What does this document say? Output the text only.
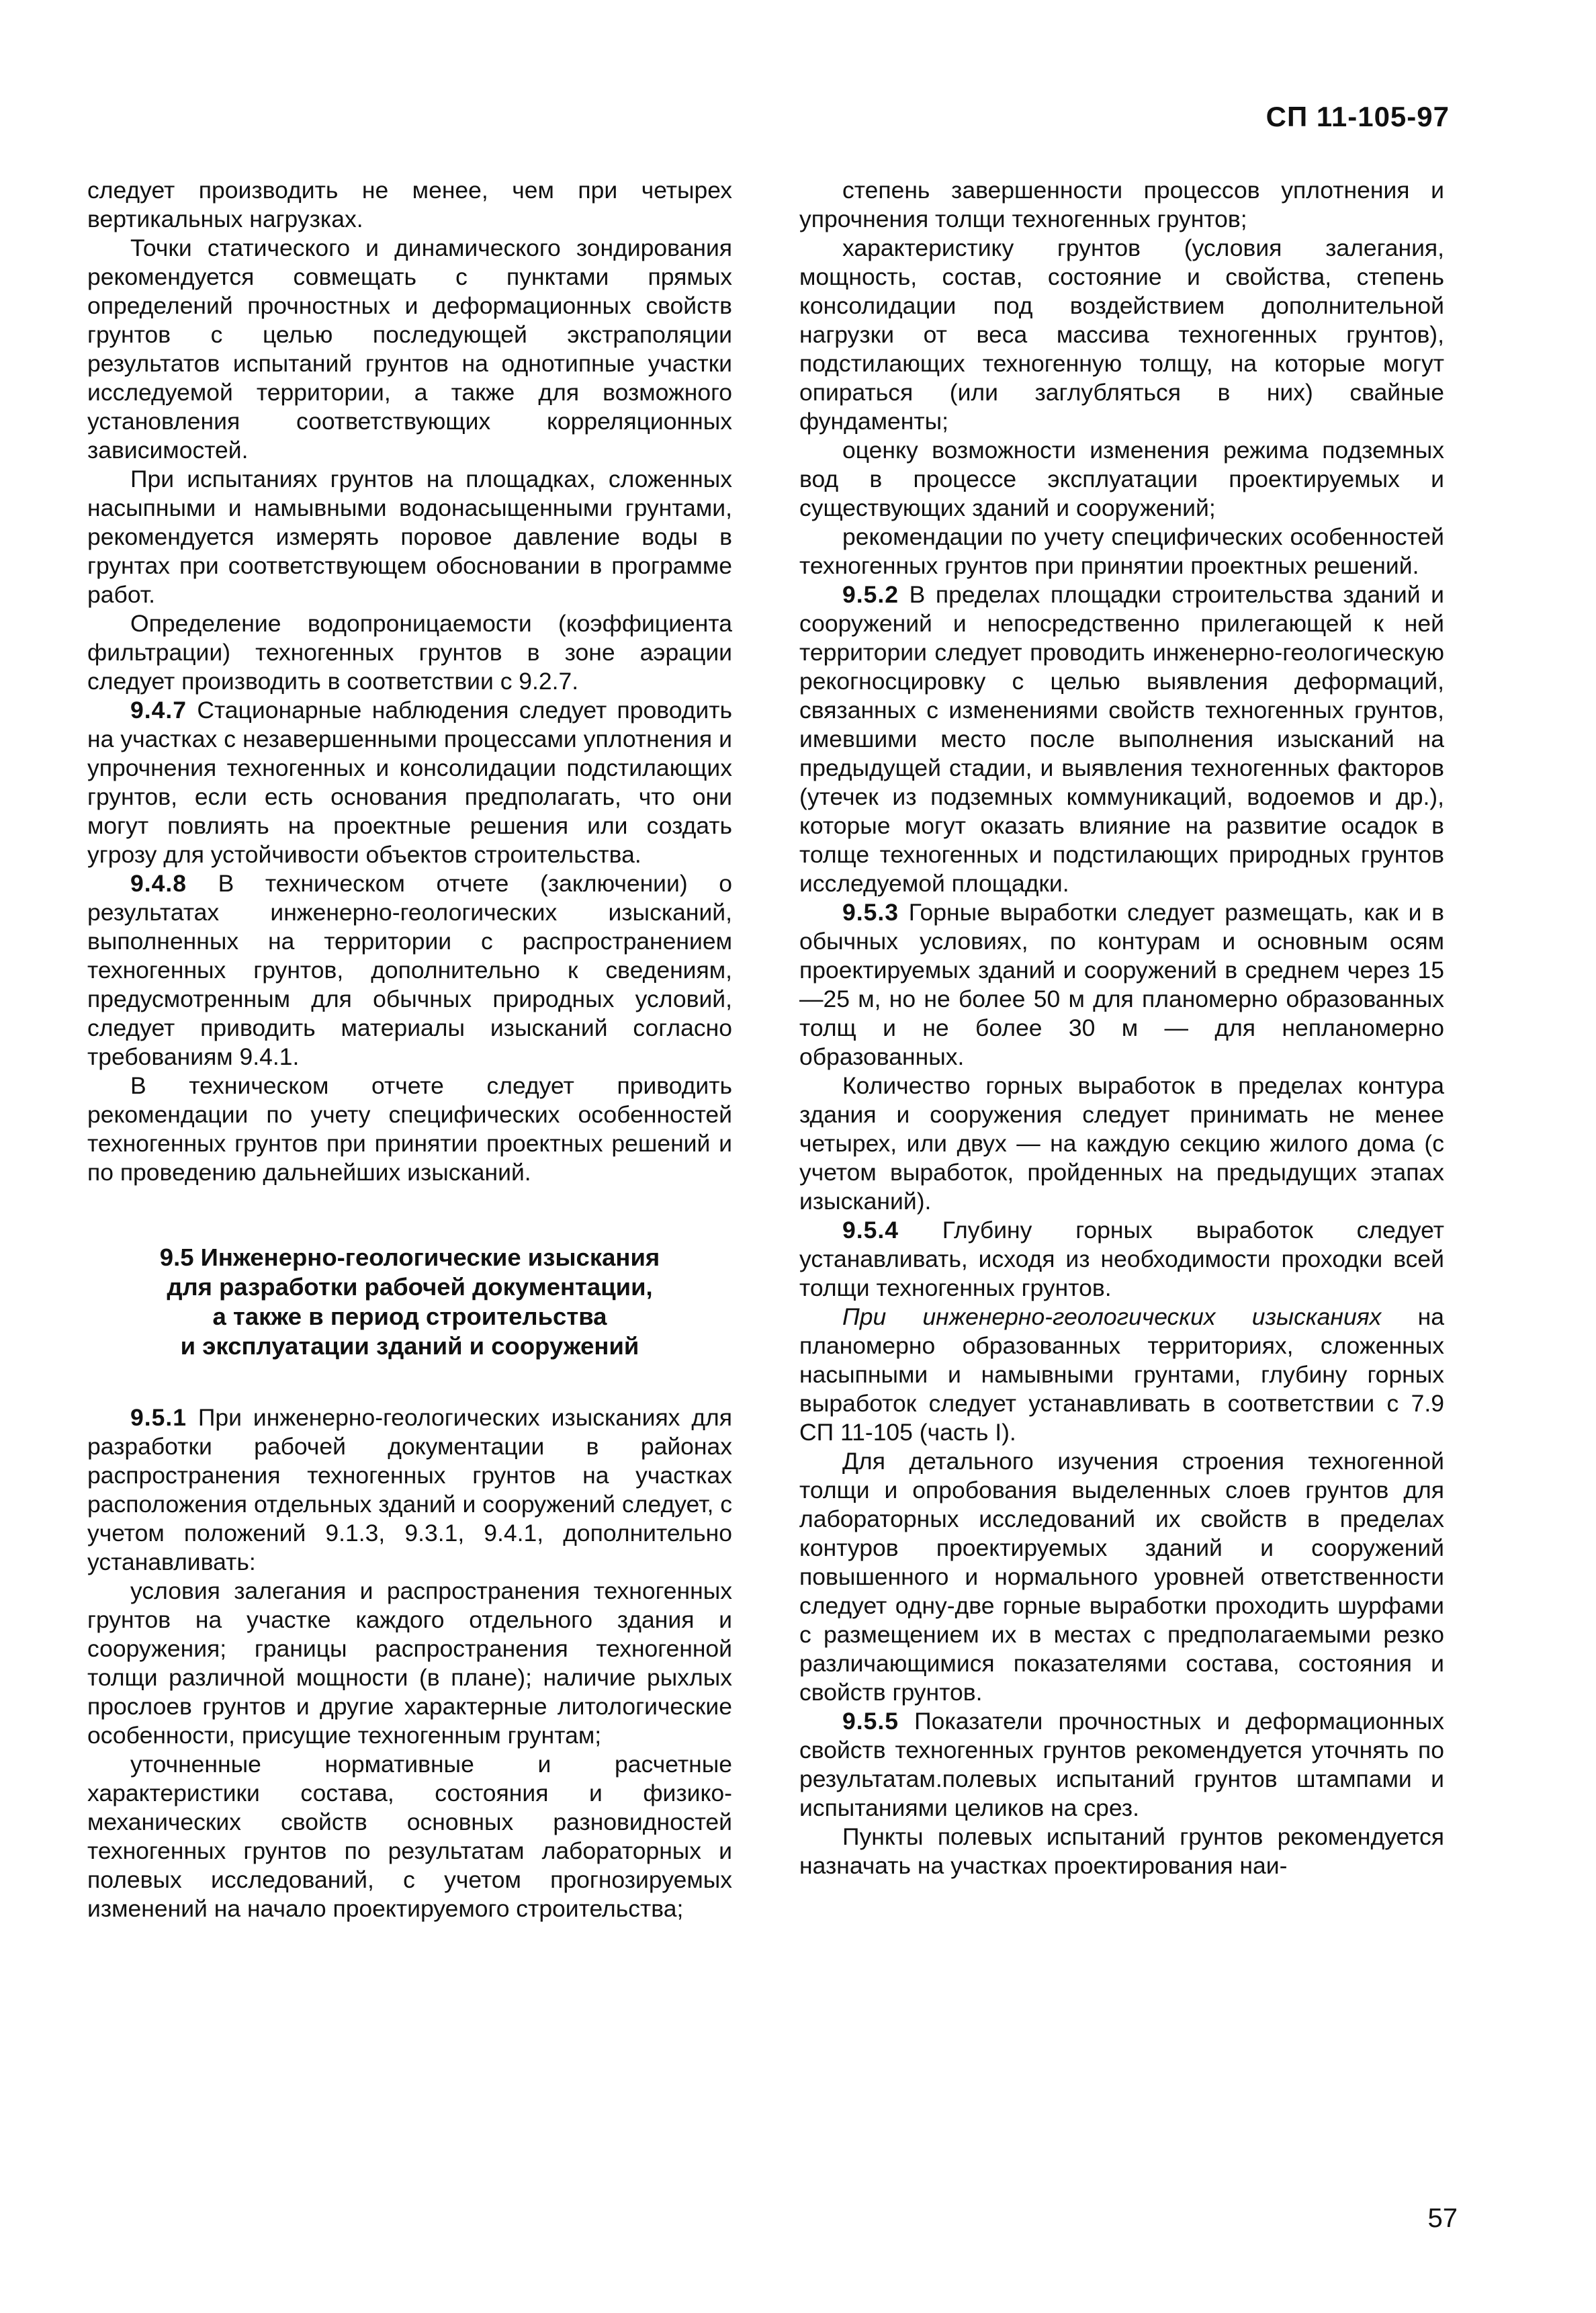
СП 11-105-97

следует производить не менее, чем при четырех вертикальных нагрузках.

Точки статического и динамического зондирования рекомендуется совмещать с пунктами прямых определений прочностных и деформационных свойств грунтов с целью последующей экстраполяции результатов испытаний грунтов на однотипные участки исследуемой территории, а также для возможного установления соответствующих корреляционных зависимостей.

При испытаниях грунтов на площадках, сложенных насыпными и намывными водонасыщенными грунтами, рекомендуется измерять поровое давление воды в грунтах при соответствующем обосновании в программе работ.

Определение водопроницаемости (коэффициента фильтрации) техногенных грунтов в зоне аэрации следует производить в соответствии с 9.2.7.

9.4.7 Стационарные наблюдения следует проводить на участках с незавершенными процессами уплотнения и упрочнения техногенных и консолидации подстилающих грунтов, если есть основания предполагать, что они могут повлиять на проектные решения или создать угрозу для устойчивости объектов строительства.

9.4.8 В техническом отчете (заключении) о результатах инженерно-геологических изысканий, выполненных на территории с распространением техногенных грунтов, дополнительно к сведениям, предусмотренным для обычных природных условий, следует приводить материалы изысканий согласно требованиям 9.4.1.

В техническом отчете следует приводить рекомендации по учету специфических особенностей техногенных грунтов при принятии проектных решений и по проведению дальнейших изысканий.

9.5 Инженерно-геологические изыскания
для разработки рабочей документации,
а также в период строительства
и эксплуатации зданий и сооружений

9.5.1 При инженерно-геологических изысканиях для разработки рабочей документации в районах распространения техногенных грунтов на участках расположения отдельных зданий и сооружений следует, с учетом положений 9.1.3, 9.3.1, 9.4.1, дополнительно устанавливать:

условия залегания и распространения техногенных грунтов на участке каждого отдельного здания и сооружения; границы распространения техногенной толщи различной мощности (в плане); наличие рыхлых прослоев грунтов и другие характерные литологические особенности, присущие техногенным грунтам;

уточненные нормативные и расчетные характеристики состава, состояния и физико-механических свойств основных разновидностей техногенных грунтов по результатам лабораторных и полевых исследований, с учетом прогнозируемых изменений на начало проектируемого строительства;

степень завершенности процессов уплотнения и упрочнения толщи техногенных грунтов;

характеристику грунтов (условия залегания, мощность, состав, состояние и свойства, степень консолидации под воздействием дополнительной нагрузки от веса массива техногенных грунтов), подстилающих техногенную толщу, на которые могут опираться (или заглубляться в них) свайные фундаменты;

оценку возможности изменения режима подземных вод в процессе эксплуатации проектируемых и существующих зданий и сооружений;

рекомендации по учету специфических особенностей техногенных грунтов при принятии проектных решений.

9.5.2 В пределах площадки строительства зданий и сооружений и непосредственно прилегающей к ней территории следует проводить инженерно-геологическую рекогносцировку с целью выявления деформаций, связанных с изменениями свойств техногенных грунтов, имевшими место после выполнения изысканий на предыдущей стадии, и выявления техногенных факторов (утечек из подземных коммуникаций, водоемов и др.), которые могут оказать влияние на развитие осадок в толще техногенных и подстилающих природных грунтов исследуемой площадки.

9.5.3 Горные выработки следует размещать, как и в обычных условиях, по контурам и основным осям проектируемых зданий и сооружений в среднем через 15—25 м, но не более 50 м для планомерно образованных толщ и не более 30 м — для непланомерно образованных.

Количество горных выработок в пределах контура здания и сооружения следует принимать не менее четырех, или двух — на каждую секцию жилого дома (с учетом выработок, пройденных на предыдущих этапах изысканий).

9.5.4 Глубину горных выработок следует устанавливать, исходя из необходимости проходки всей толщи техногенных грунтов.

При инженерно-геологических изысканиях на планомерно образованных территориях, сложенных насыпными и намывными грунтами, глубину горных выработок следует устанавливать в соответствии с 7.9 СП 11-105 (часть I).

Для детального изучения строения техногенной толщи и опробования выделенных слоев грунтов для лабораторных исследований их свойств в пределах контуров проектируемых зданий и сооружений повышенного и нормального уровней ответственности следует одну-две горные выработки проходить шурфами с размещением их в местах с предполагаемыми резко различающимися показателями состава, состояния и свойств грунтов.

9.5.5 Показатели прочностных и деформационных свойств техногенных грунтов рекомендуется уточнять по результатам.полевых испытаний грунтов штампами и испытаниями целиков на срез.

Пункты полевых испытаний грунтов рекомендуется назначать на участках проектирования наи-

57
